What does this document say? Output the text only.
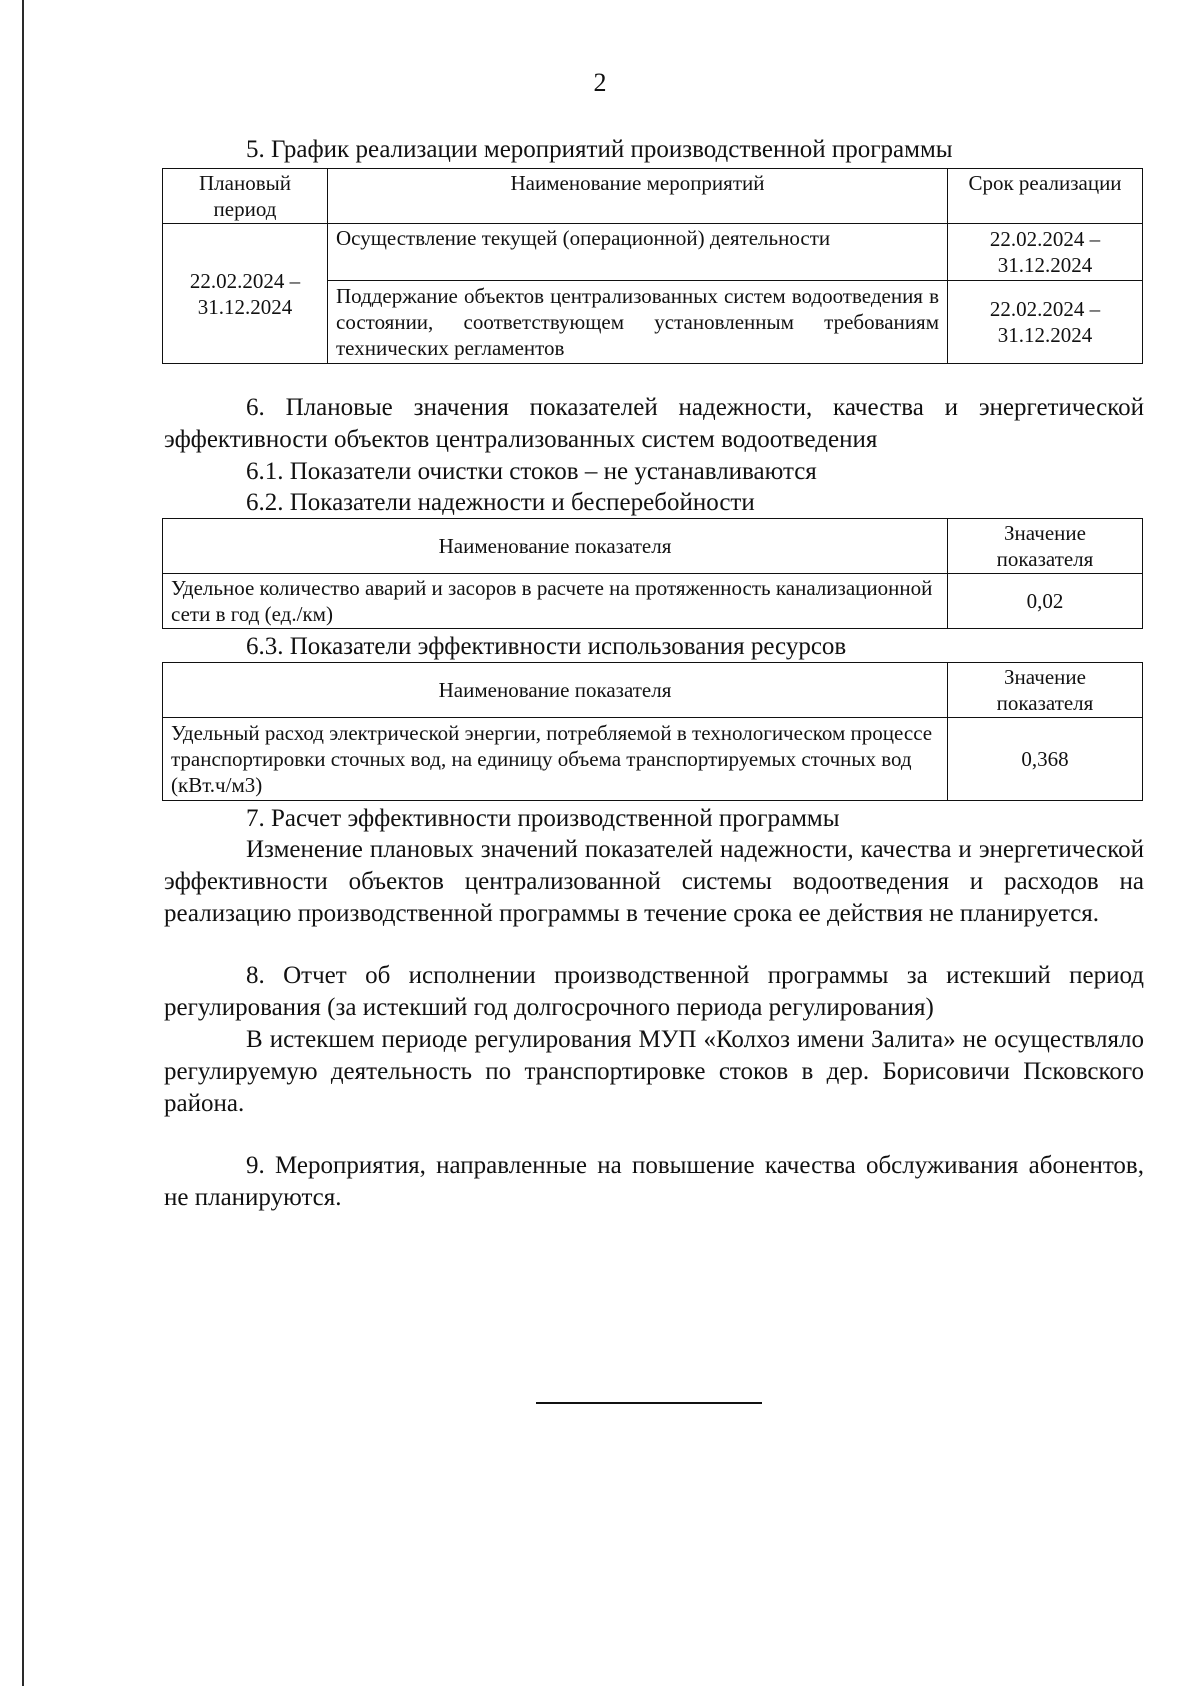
2
5. График реализации мероприятий производственной программы
Плановый период	Наименование мероприятий	Срок реализации
22.02.2024 – 31.12.2024	Осуществление текущей (операционной) деятельности	22.02.2024 – 31.12.2024
	Поддержание объектов централизованных систем водоотведения в состоянии, соответствующем установленным требованиям технических регламентов	22.02.2024 – 31.12.2024

6. Плановые значения показателей надежности, качества и энергетической эффективности объектов централизованных систем водоотведения

6.1. Показатели очистки стоков – не устанавливаются
6.2. Показатели надежности и бесперебойности
Наименование показателя	Значение показателя
Удельное количество аварий и засоров в расчете на протяженность канализационной сети в год (ед./км)	0,02
6.3. Показатели эффективности использования ресурсов
Наименование показателя	Значение показателя
Удельный расход электрической энергии, потребляемой в технологическом процессе транспортировки сточных вод, на единицу объема транспортируемых сточных вод (кВт.ч/м3)	0,368
7. Расчет эффективности производственной программы

Изменение плановых значений показателей надежности, качества и энергетической эффективности объектов централизованной системы водоотведения и расходов на реализацию производственной программы в течение срока ее действия не планируется.

8. Отчет об исполнении производственной программы за истекший период регулирования (за истекший год долгосрочного периода регулирования)

В истекшем периоде регулирования МУП «Колхоз имени Залита» не осуществляло регулируемую деятельность по транспортировке стоков в дер. Борисовичи Псковского района.

9. Мероприятия, направленные на повышение качества обслуживания абонентов, не планируются.
